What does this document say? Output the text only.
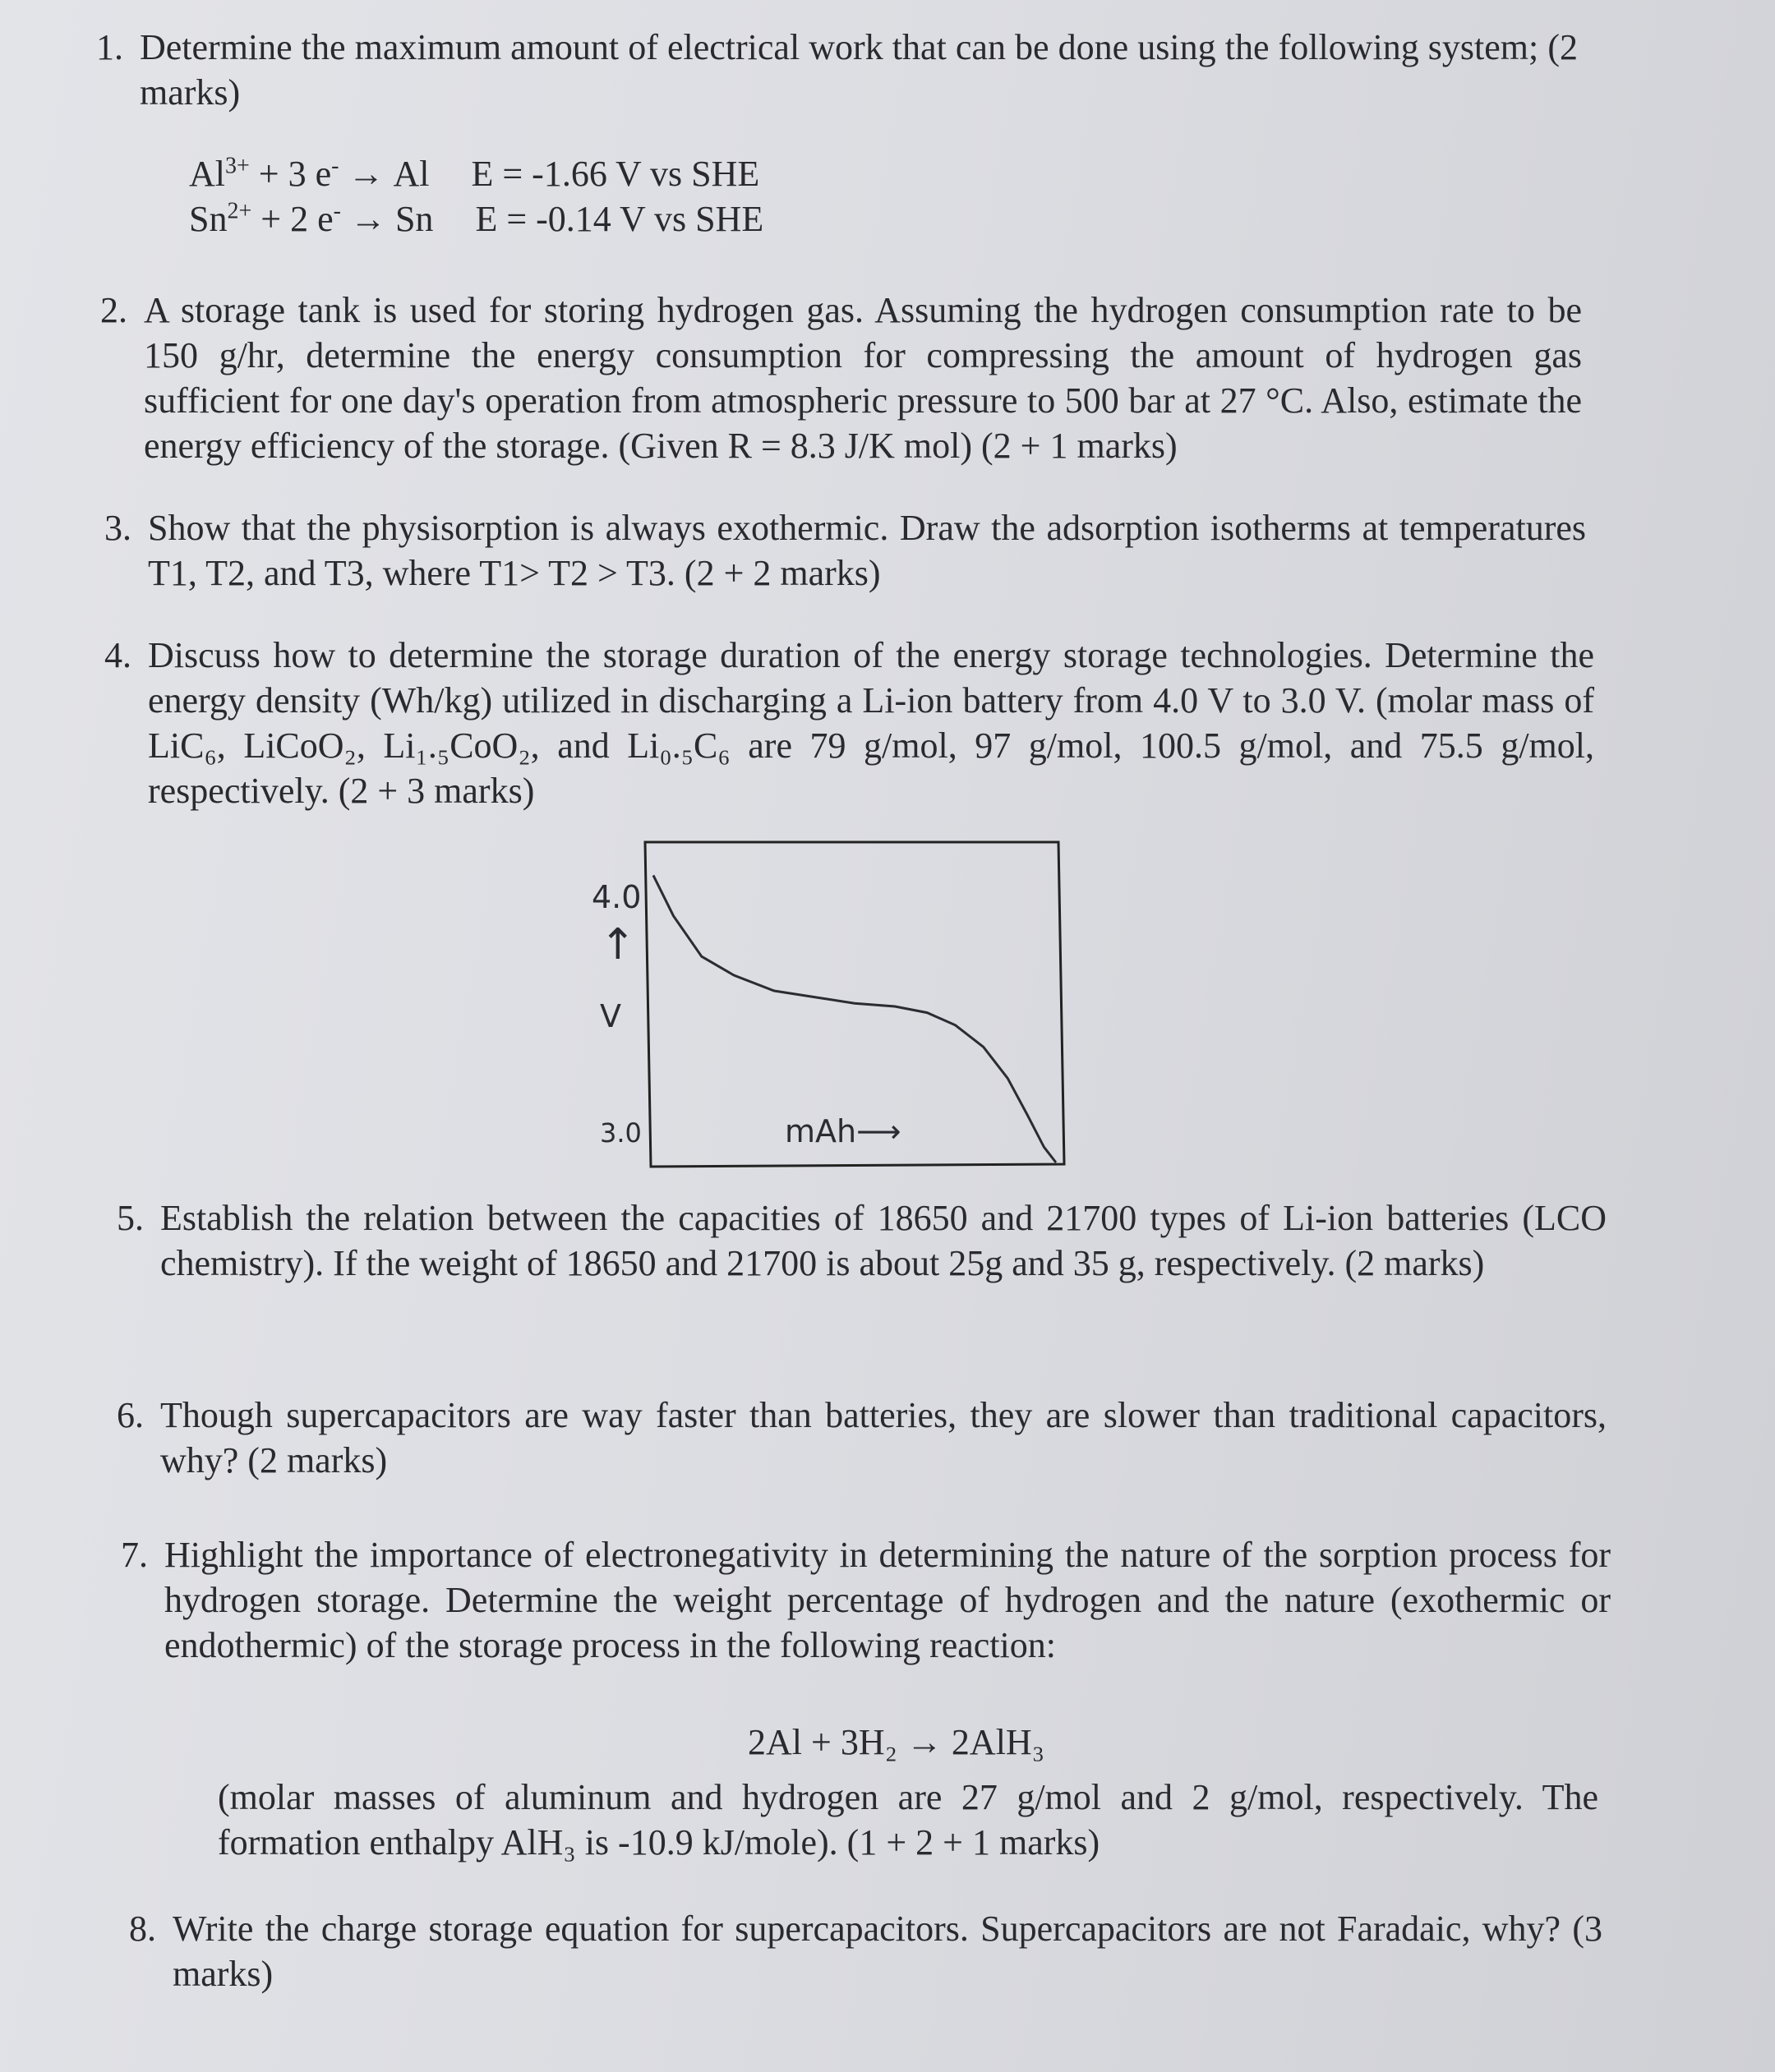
1. Determine the maximum amount of electrical work that can be done using the following system; (2 marks)
$Al^{3+} + 3$ e- → Al E = -1.66 V vs SHE
$Sn^{2+} + 2$ e- → Sn E = -0.14 V vs SHE
2. A storage tank is used for storing hydrogen gas. Assuming the hydrogen consumption rate to be 150 g/hr, determine the energy consumption for compressing the amount of hydrogen gas sufficient for one day's operation from atmospheric pressure to 500 bar at 27 °C. Also, estimate the energy efficiency of the storage. (Given R = 8.3 J/K mol) (2 + 1 marks)
3. Show that the physisorption is always exothermic. Draw the adsorption isotherms at temperatures T1, T2, and T3, where T1> T2 > T3. (2 + 2 marks)
4. Discuss how to determine the storage duration of the energy storage technologies. Determine the energy density (Wh/kg) utilized in discharging a Li-ion battery from 4.0 V to 3.0 V. (molar mass of LiC₆, LiCoO₂, Li₁.₅CoO₂, and Li₀.₅C₆ are 79 g/mol, 97 g/mol, 100.5 g/mol, and 75.5 g/mol, respectively. (2 + 3 marks)
4.0
↑
V
3.0	mAh⟶
5. Establish the relation between the capacities of 18650 and 21700 types of Li-ion batteries (LCO chemistry). If the weight of 18650 and 21700 is about 25g and 35 g, respectively. (2 marks)
6. Though supercapacitors are way faster than batteries, they are slower than traditional capacitors, why? (2 marks)
7. Highlight the importance of electronegativity in determining the nature of the sorption process for hydrogen storage. Determine the weight percentage of hydrogen and the nature (exothermic or endothermic) of the storage process in the following reaction:
2Al + 3H₂ → 2AlH₃
(molar masses of aluminum and hydrogen are 27 g/mol and 2 g/mol, respectively. The formation enthalpy AlH₃ is -10.9 kJ/mole). (1 + 2 + 1 marks)
8. Write the charge storage equation for supercapacitors. Supercapacitors are not Faradaic, why? (3 marks)
